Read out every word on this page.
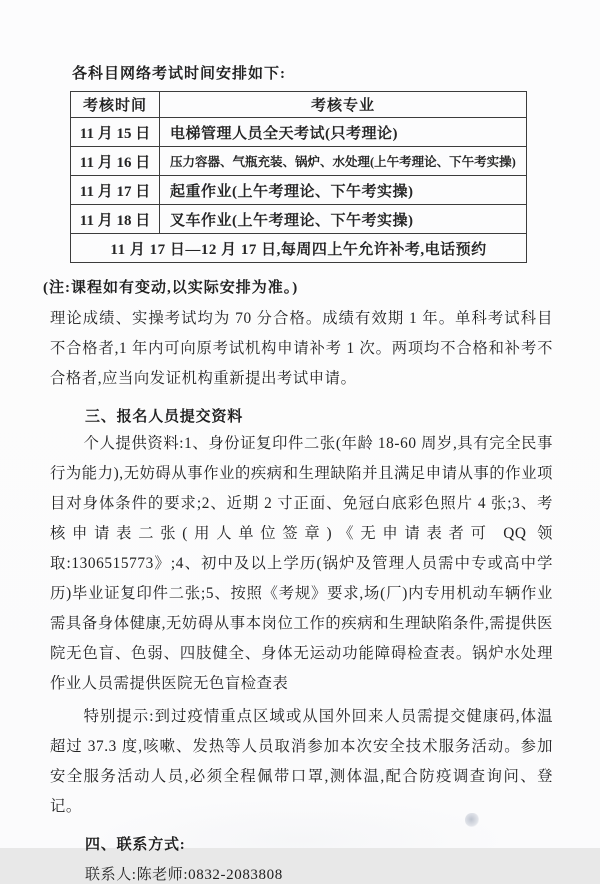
各科目网络考试时间安排如下:
考核时间	考核专业
11 月 15 日	电梯管理人员全天考试(只考理论)
11 月 16 日	压力容器、气瓶充装、锅炉、水处理(上午考理论、下午考实操)
11 月 17 日	起重作业(上午考理论、下午考实操)
11 月 18 日	叉车作业(上午考理论、下午考实操)
11 月 17 日—12 月 17 日,每周四上午允许补考,电话预约	
(注:课程如有变动,以实际安排为准。)
理论成绩、实操考试均为 70 分合格。成绩有效期 1 年。单科考试科目不合格者,1 年内可向原考试机构申请补考 1 次。两项均不合格和补考不合格者,应当向发证机构重新提出考试申请。
三、报名人员提交资料
个人提供资料:1、身份证复印件二张(年龄 18-60 周岁,具有完全民事行为能力),无妨碍从事作业的疾病和生理缺陷并且满足申请从事的作业项目对身体条件的要求;2、近期 2 寸正面、免冠白底彩色照片 4 张;3、考核申请表二张(用人单位签章)《无申请表者可 QQ 领取:1306515773》;4、初中及以上学历(锅炉及管理人员需中专或高中学历)毕业证复印件二张;5、按照《考规》要求,场(厂)内专用机动车辆作业需具备身体健康,无妨碍从事本岗位工作的疾病和生理缺陷条件,需提供医院无色盲、色弱、四肢健全、身体无运动功能障碍检查表。锅炉水处理作业人员需提供医院无色盲检查表
特别提示:到过疫情重点区域或从国外回来人员需提交健康码,体温超过 37.3 度,咳嗽、发热等人员取消参加本次安全技术服务活动。参加安全服务活动人员,必须全程佩带口罩,测体温,配合防疫调查询问、登记。
四、联系方式:
联系人:陈老师:0832-2083808
